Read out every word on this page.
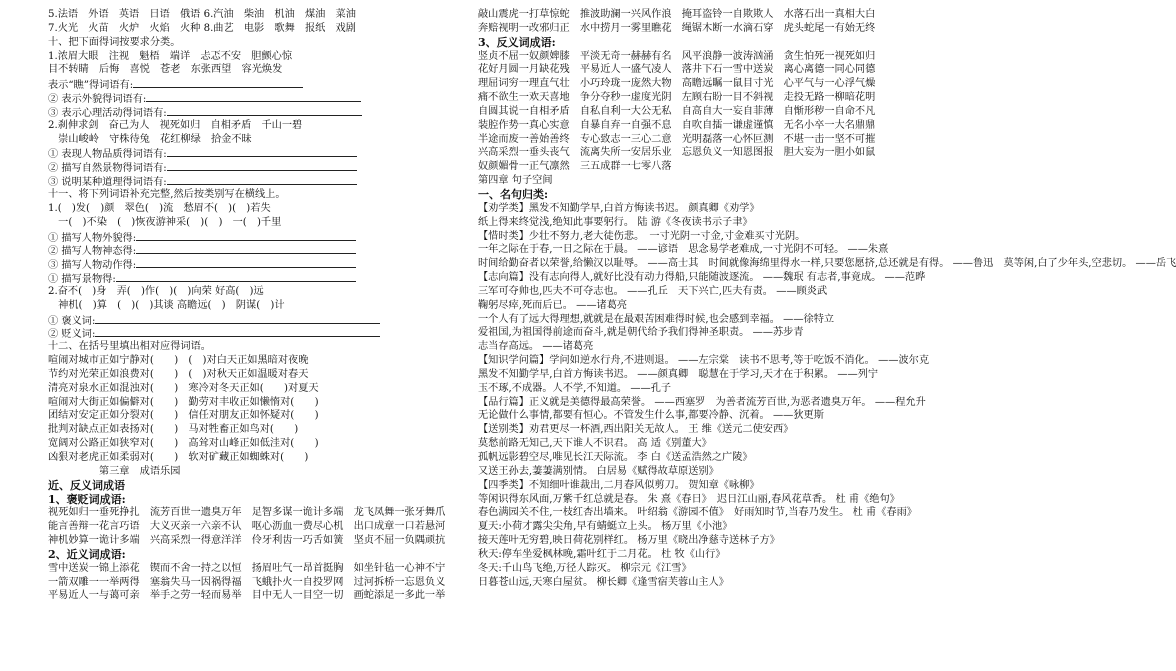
5.法语　外语　英语　日语　俄语 6.汽油　柴油　机油　煤油　菜油
7.火光　火苗　火炉　火焰　火种 8.曲艺　电影　歌舞　报纸　戏剧
十、把下面得词按要求分类。
1.浓眉大眼　注视　魁梧　端详　忐忑不安　胆颤心惊
目不转睛　后悔　喜悦　苍老　东张西望　容光焕发
表示“瞧”得词语有:
② 表示外貌得词语有:
③ 表示心理活动得词语有:
2.刹伸求剑　奋己为人　视死如归　自相矛盾　千山一碧
　崇山峻岭　守株待兔　花红柳绿　拾金不昧
① 表现人物品质得词语有:
② 描写自然景物得词语有:
③ 说明某种道理得词语有:
十一、将下列词语补充完整,然后按类别写在横线上。
1.(　)发(　)颜　翠色(　)流　愁眉不(　)(　)若失
　一(　)不染　(　)恢夜游神采(　)(　)　一(　)千里
① 描写人物外貌得:
② 描写人物神态得:
③ 描写人物动作得:
① 描写景物得:
2.奋不(　)身　弄(　)作(　)(　)向荣 好高(　)远
　神机(　)算　(　)(　)其谈 高瞻远(　)　阴谋(　)计
① 褒义词:
② 贬义词:
十二、在括号里填出相对应得词语。
喧闹对城市正如宁静对(　　)　(　)对白天正如黑暗对夜晚
节约对光荣正如浪费对(　　)　(　)对秋天正如温暖对春天
清亮对泉水正如混浊对(　　)　寒冷对冬天正如(　　)对夏天
喧闹对大街正如偏僻对(　　)　勤劳对丰收正如懒惰对(　　)
团结对安定正如分裂对(　　)　信任对朋友正如怀疑对(　　)
批判对缺点正如表扬对(　　)　马对牲畜正如鸟对(　　)
宽阔对公路正如狭窄对(　　)　高耸对山峰正如低洼对(　　)
凶狠对老虎正如柔弱对(　　)　软对矿藏正如蜘蛛对(　　)
　　　　　第三章　成语乐园
近、反义词成语
1、褒贬词成语:
视死如归一垂死挣扎　流芳百世一遗臭万年　足智多谋一诡计多端　龙飞凤舞一张牙舞爪
能言善辩一花言巧语　大义灭亲一六亲不认　呕心沥血一费尽心机　出口成章一口若悬河
神机妙算一诡计多端　兴高采烈一得意洋洋　伶牙利齿一巧舌如簧　坚贞不屈一负隅顽抗
2、近义词成语:
雪中送炭一锦上添花　锲而不舍一持之以恒　扬眉吐气一昂首挺胸　如坐针毡一心神不宁
一箭双雕一一举两得　塞翁失马一因祸得福　飞蛾扑火一自投罗网　过河拆桥一忘恩负义
平易近人一与蔼可亲　举手之劳一轻而易举　目中无人一目空一切　画蛇添足一多此一举
敲山震虎一打草惊蛇　推波助澜一兴风作浪　掩耳盗铃一自欺欺人　水落石出一真相大白
奔赔视明一改邪归正　水中捞月一雾里瞧花　绳锯木断一水滴石穿　虎头蛇尾一有始无终
3、反义词成语:
竖贞不屈一奴颜婢膝　平淡无奇一赫赫有名　风平浪静一波涛汹涌　贪生怕死一视死如归
花好月圆一月缺花残　平易近人一盛气凌人　落井下石一雪中送炭　离心离德一同心同德
理屈词穷一理直气壮　小巧玲珑一庞然大物　高瞻远瞩一鼠目寸光　心平气与一心浮气燥
痛不欲生一欢天喜地　争分夺秒一虚度光阴　左顾右盼一目不斜视　走投无路一柳暗花明
自圆其说一自相矛盾　自私自利一大公无私　自高自大一妄自菲薄　自惭形秽一自命不凡
装腔作势一真心实意　自暴自弃一自强不息　自吹自擂一谦虚谨慎　无名小卒一大名鼎鼎
半途而废一善始善终　专心致志一三心二意　光明磊落一心怀叵测　不堪一击一坚不可摧
兴高采烈一垂头丧气　流离失所一安居乐业　忘恩负义一知恩图报　胆大妄为一胆小如鼠
奴颜媚骨一正气凛然　三五成群一七零八落
第四章 句子空间
一、名句归类:
【劝学类】黑发不知勤学早,白首方悔读书迟。 颜真卿《劝学》
纸上得来终觉浅,绝知此事要躬行。 陆 游《冬夜读书示子聿》
【惜时类】少壮不努力,老大徒伤悲。　一寸光阴一寸金,寸金难买寸光阴。
一年之际在于春,一日之际在于晨。 ——谚语　思念易学老难成,一寸光阴不可轻。 ——朱熹
时间给勤奋者以荣誉,给懒汉以耻辱。 ——高士其　时间就像海绵里得水一样,只要您愿挤,总还就是有得。 ——鲁迅　莫等闲,白了少年头,空悲切。 ——岳飞
【志向篇】没有志向得人,就好比没有动力得船,只能随波逐流。 ——魏珉 有志者,事竟成。 ——范晔
三军可夺帅也,匹夫不可夺志也。 ——孔丘　天下兴亡,匹夫有责。 ——顾炎武
鞠躬尽瘁,死而后已。 ——诸葛亮
一个人有了远大得理想,就就是在最艰苦困难得时候,也会感到幸福。 ——徐特立
爱祖国,为祖国得前途而奋斗,就是朝代给予我们得神圣职责。 ——苏步青
志当存高远。 ——诸葛亮
【知识学问篇】学问如逆水行舟,不进则退。 ——左宗棠　读书不思考,等于吃饭不消化。 ——波尔克
黑发不知勤学早,白首方悔读书迟。 ——颜真卿　聪慧在于学习,天才在于积累。 ——列宁
玉不琢,不成器。人不学,不知道。 ——孔子
【品行篇】正义就是美德得最高荣誉。 ——西塞罗　为善者流芳百世,为恶者遗臭万年。 ——程允升
无论做什么事情,都要有恒心。不管发生什么事,都要冷静、沉着。 ——狄更斯
【送别类】劝君更尽一杯酒,西出阳关无故人。 王 维《送元二使安西》
莫愁前路无知己,天下谁人不识君。 高 适《别董大》
孤帆远影碧空尽,唯见长江天际流。 李 白《送孟浩然之广陵》
又送王孙去,萋萋满别情。 白居易《赋得故草原送别》
【四季类】不知细叶谁裁出,二月春风似剪刀。 贺知章《咏柳》
等闲识得东风面,万紫千红总就是春。 朱 熹《春日》　迟日江山丽,春风花草香。 杜 甫《绝句》
春色满园关不住,一枝红杏出墙来。 叶绍翁《游园不值》　好雨知时节,当春乃发生。 杜 甫《春雨》
夏天:小荷才露尖尖角,早有蜻蜓立上头。 杨万里《小池》
接天莲叶无穷碧,映日荷花别样红。 杨万里《晓出净慈寺送林子方》
秋天:停车坐爱枫林晚,霜叶红于二月花。 杜 牧《山行》
冬天:千山鸟飞绝,万径人踪灭。 柳宗元《江雪》
日暮苍山远,天寒白屋贫。 柳长卿《逢雪宿芙蓉山主人》
